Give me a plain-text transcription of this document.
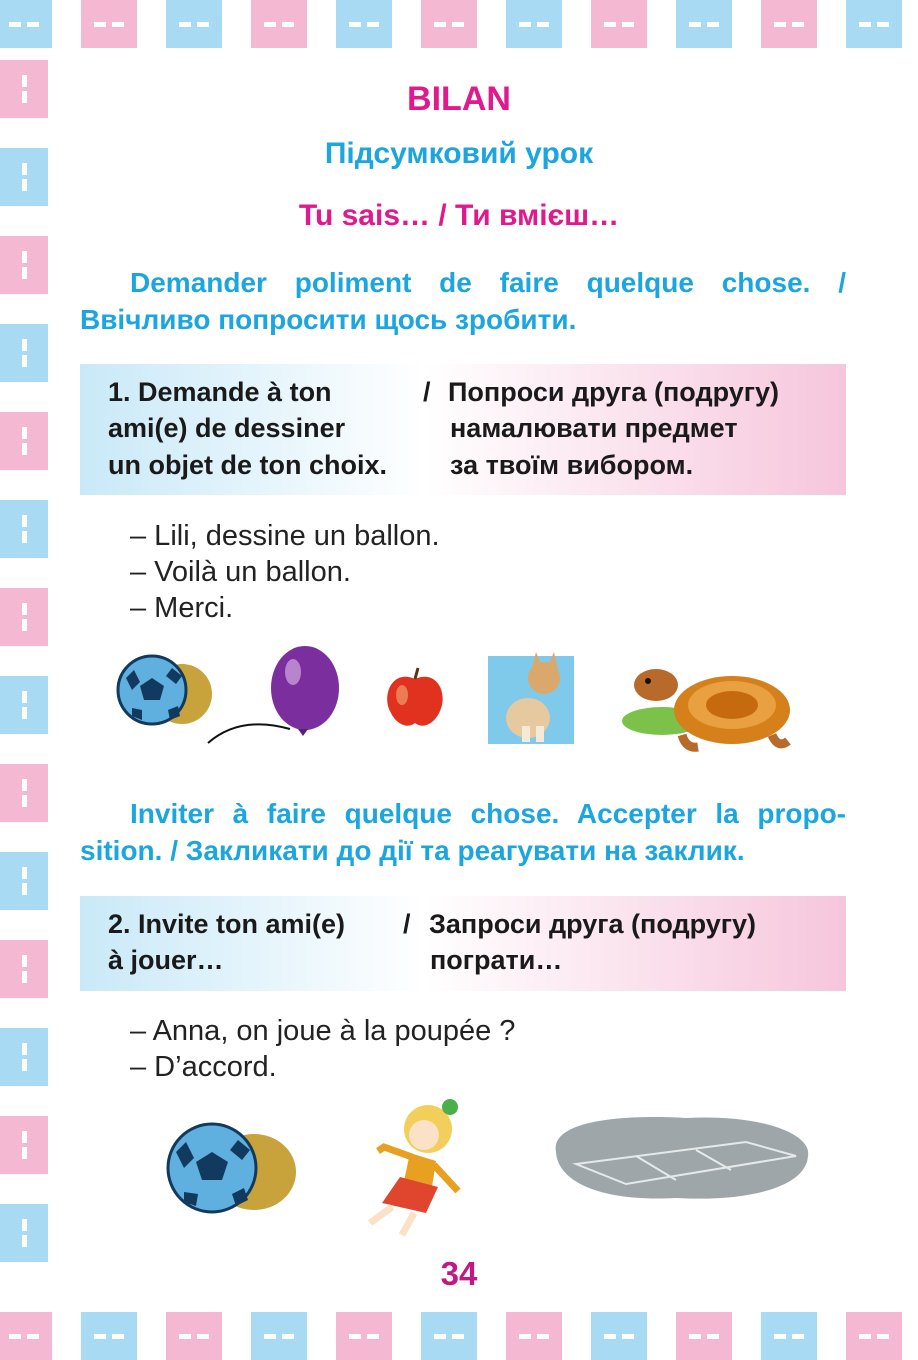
BILAN
Підсумковий урок
Tu sais… / Ти вмієш…

Demander poliment de faire quelque chose. /
Ввічливо попросити щось зробити.

1. Demande à ton
ami(e) de dessiner
un objet de ton choix.
/ Попроси друга (подругу)
намалювати предмет
за твоїм вибором.
– Lili, dessine un ballon.
– Voilà un ballon.
– Merci.

Inviter à faire quelque chose. Accepter la propo-
sition. / Закликати до дії та реагувати на заклик.

2. Invite ton ami(e)
à jouer…
/ Запроси друга (подругу)
пограти…
– Anna, on joue à la poupée ?
– D’accord.
34
